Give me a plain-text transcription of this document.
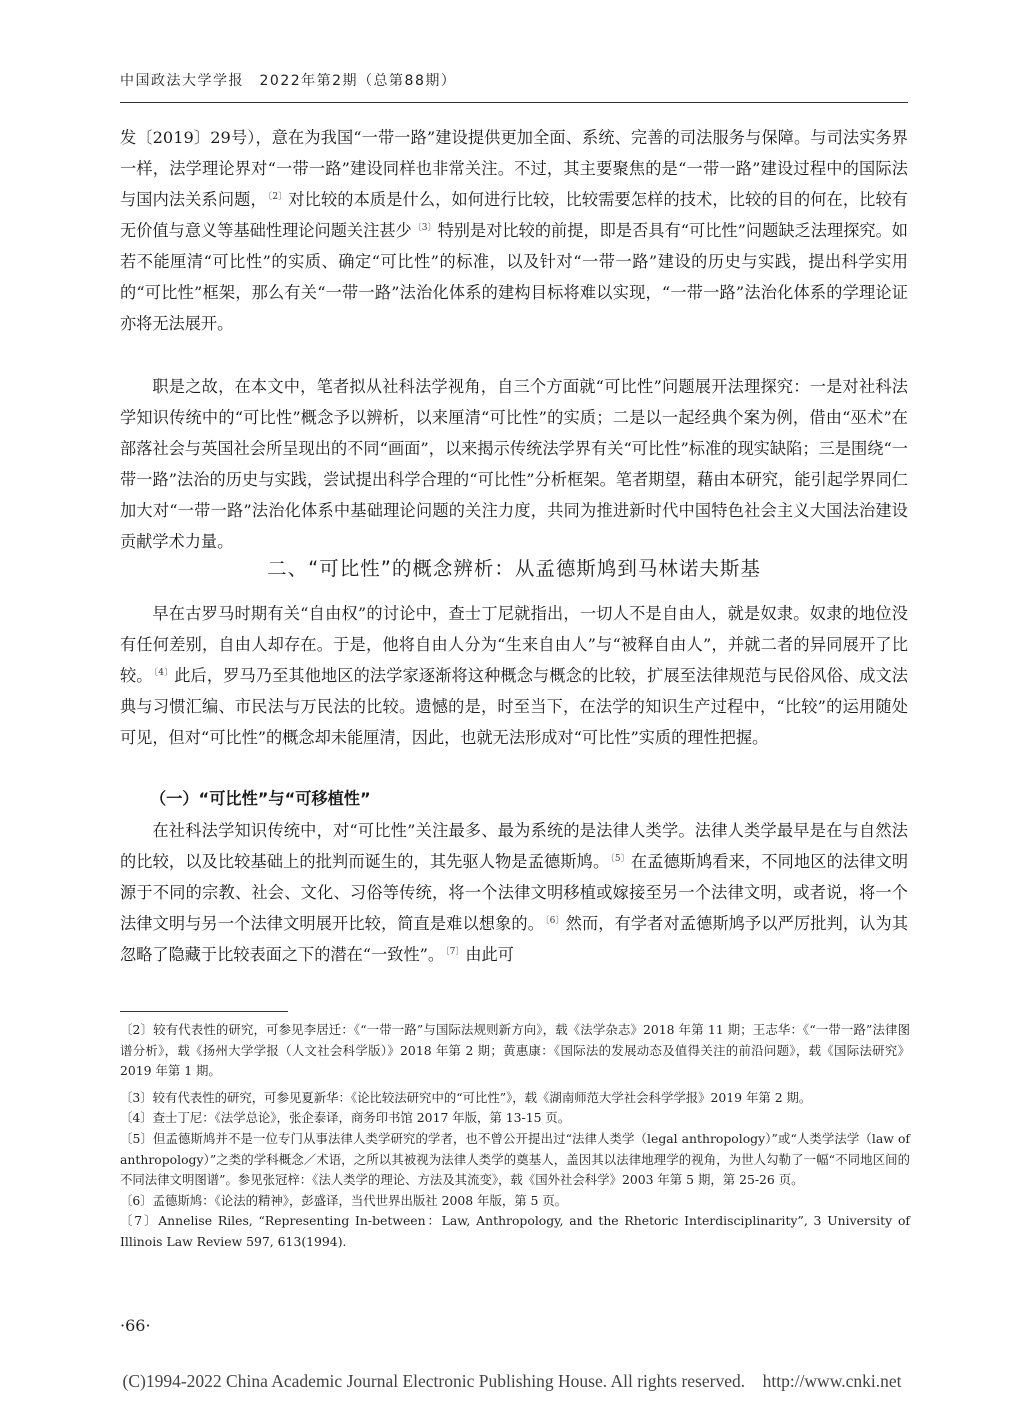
中国政法大学学报　2022年第2期（总第88期）

发〔2019〕29号），意在为我国“一带一路”建设提供更加全面、系统、完善的司法服务与保障。与司法实务界一样，法学理论界对“一带一路”建设同样也非常关注。不过，其主要聚焦的是“一带一路”建设过程中的国际法与国内法关系问题，$^{〔2〕}$对比较的本质是什么，如何进行比较，比较需要怎样的技术，比较的目的何在，比较有无价值与意义等基础性理论问题关注甚少$^{〔3〕}$特别是对比较的前提，即是否具有“可比性”问题缺乏法理探究。如若不能厘清“可比性”的实质、确定“可比性”的标准，以及针对“一带一路”建设的历史与实践，提出科学实用的“可比性”框架，那么有关“一带一路”法治化体系的建构目标将难以实现，“一带一路”法治化体系的学理论证亦将无法展开。

职是之故，在本文中，笔者拟从社科法学视角，自三个方面就“可比性”问题展开法理探究：一是对社科法学知识传统中的“可比性”概念予以辨析，以来厘清“可比性”的实质；二是以一起经典个案为例，借由“巫术”在部落社会与英国社会所呈现出的不同“画面”，以来揭示传统法学界有关“可比性”标准的现实缺陷；三是围绕“一带一路”法治的历史与实践，尝试提出科学合理的“可比性”分析框架。笔者期望，藉由本研究，能引起学界同仁加大对“一带一路”法治化体系中基础理论问题的关注力度，共同为推进新时代中国特色社会主义大国法治建设贡献学术力量。

二、“可比性”的概念辨析：从孟德斯鸠到马林诺夫斯基

早在古罗马时期有关“自由权”的讨论中，查士丁尼就指出，一切人不是自由人，就是奴隶。奴隶的地位没有任何差别，自由人却存在。于是，他将自由人分为“生来自由人”与“被释自由人”，并就二者的异同展开了比较。$^{〔4〕}$此后，罗马乃至其他地区的法学家逐渐将这种概念与概念的比较，扩展至法律规范与民俗风俗、成文法典与习惯汇编、市民法与万民法的比较。遗憾的是，时至当下，在法学的知识生产过程中，“比较”的运用随处可见，但对“可比性”的概念却未能厘清，因此，也就无法形成对“可比性”实质的理性把握。

（一）“可比性”与“可移植性”

在社科法学知识传统中，对“可比性”关注最多、最为系统的是法律人类学。法律人类学最早是在与自然法的比较，以及比较基础上的批判而诞生的，其先驱人物是孟德斯鸠。$^{〔5〕}$在孟德斯鸠看来，不同地区的法律文明源于不同的宗教、社会、文化、习俗等传统，将一个法律文明移植或嫁接至另一个法律文明，或者说，将一个法律文明与另一个法律文明展开比较，简直是难以想象的。$^{〔6〕}$然而，有学者对孟德斯鸠予以严厉批判，认为其忽略了隐藏于比较表面之下的潜在“一致性”。$^{〔7〕}$由此可

〔2〕较有代表性的研究，可参见李居迁：《“一带一路”与国际法规则新方向》，载《法学杂志》2018 年第 11 期；王志华：《“一带一路”法律图谱分析》，载《扬州大学学报（人文社会科学版）》2018 年第 2 期；黄惠康：《国际法的发展动态及值得关注的前沿问题》，载《国际法研究》2019 年第 1 期。

〔3〕较有代表性的研究，可参见夏新华：《论比较法研究中的“可比性”》，载《湖南师范大学社会科学学报》2019 年第 2 期。

〔4〕查士丁尼：《法学总论》，张企泰译，商务印书馆 2017 年版，第 13-15 页。

〔5〕但孟德斯鸠并不是一位专门从事法律人类学研究的学者，也不曾公开提出过“法律人类学（legal anthropology）”或“人类学法学（law of anthropology）”之类的学科概念／术语，之所以其被视为法律人类学的奠基人，盖因其以法律地理学的视角，为世人勾勒了一幅“不同地区间的不同法律文明图谱”。参见张冠梓：《法人类学的理论、方法及其流变》，载《国外社会科学》2003 年第 5 期，第 25-26 页。

〔6〕孟德斯鸠：《论法的精神》，彭盛译，当代世界出版社 2008 年版，第 5 页。

〔7〕Annelise Riles, “Representing In-between：Law, Anthropology, and the Rhetoric Interdisciplinarity”, 3 University of Illinois Law Review 597, 613(1994).

·66·
(C)1994-2022 China Academic Journal Electronic Publishing House. All rights reserved.　http://www.cnki.net
